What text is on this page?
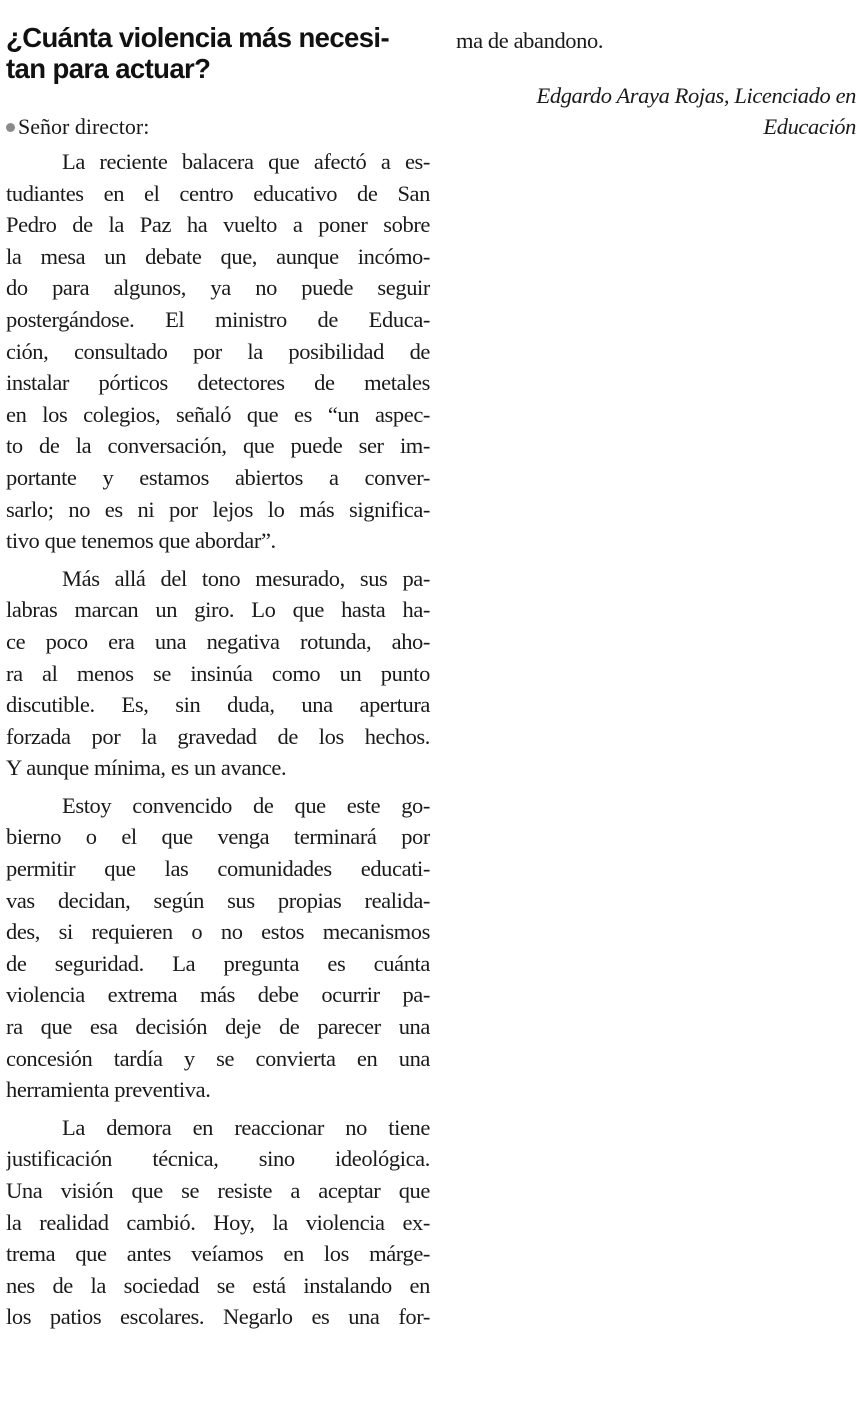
¿Cuánta violencia más necesi-
tan para actuar?
Señor director:
La reciente balacera que afectó a es-
tudiantes en el centro educativo de San
Pedro de la Paz ha vuelto a poner sobre
la mesa un debate que, aunque incómo-
do para algunos, ya no puede seguir
postergándose. El ministro de Educa-
ción, consultado por la posibilidad de
instalar pórticos detectores de metales
en los colegios, señaló que es “un aspec-
to de la conversación, que puede ser im-
portante y estamos abiertos a conver-
sarlo; no es ni por lejos lo más significa-
tivo que tenemos que abordar”.
Más allá del tono mesurado, sus pa-
labras marcan un giro. Lo que hasta ha-
ce poco era una negativa rotunda, aho-
ra al menos se insinúa como un punto
discutible. Es, sin duda, una apertura
forzada por la gravedad de los hechos.
Y aunque mínima, es un avance.
Estoy convencido de que este go-
bierno o el que venga terminará por
permitir que las comunidades educati-
vas decidan, según sus propias realida-
des, si requieren o no estos mecanismos
de seguridad. La pregunta es cuánta
violencia extrema más debe ocurrir pa-
ra que esa decisión deje de parecer una
concesión tardía y se convierta en una
herramienta preventiva.
La demora en reaccionar no tiene
justificación técnica, sino ideológica.
Una visión que se resiste a aceptar que
la realidad cambió. Hoy, la violencia ex-
trema que antes veíamos en los márge-
nes de la sociedad se está instalando en
los patios escolares. Negarlo es una for-
ma de abandono.
Edgardo Araya Rojas, Licenciado en
Educación
